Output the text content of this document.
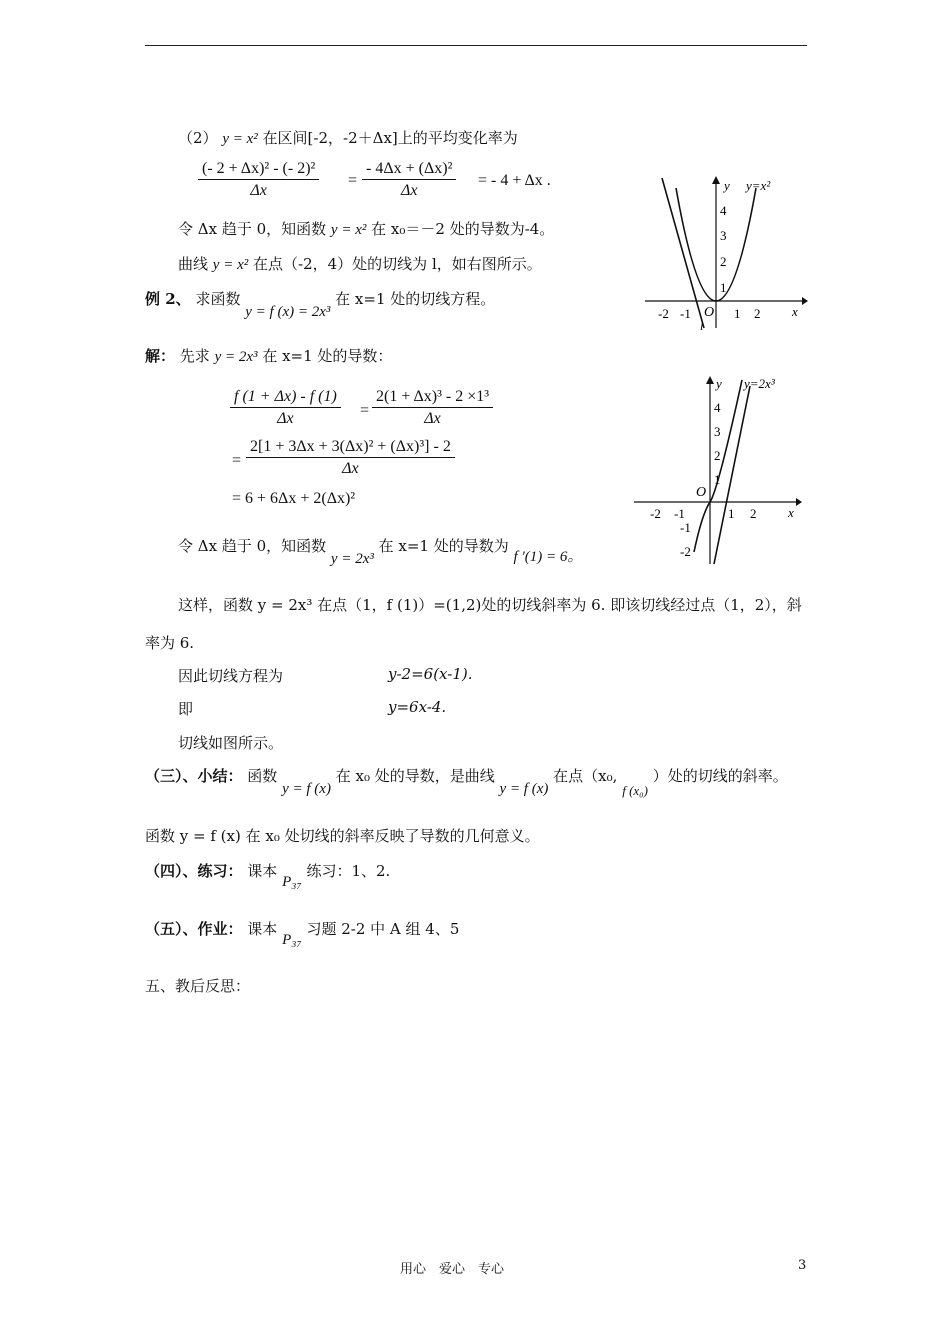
（2） y = x² 在区间[-2，-2＋Δx]上的平均变化率为
$\frac{\text{(- 2 + Δx)² - (- 2)²}}{\Delta x} = \frac{\text{- 4Δx + (Δx)²}}{\Delta x}$ = - 4 + Δx .
令 Δx 趋于 0，知函数 y = x² 在 x₀＝－2 处的导数为-4。
曲线 y = x² 在点（-2，4）处的切线为 l，如右图所示。
例 2、 求函数 y = f (x) = 2x³ 在 x=1 处的切线方程。
解： 先求 y = 2x³ 在 x=1 处的导数：
$\frac{f (1 + \Delta x) - f (1)}{\Delta x} = \frac{\text{2(1 + Δx)³ - 2 ×1³}}{\Delta x}$
= $\frac{\text{2[1 + 3Δx + 3(Δx)² + (Δx)³] - 2}}{\Delta x}$
= 6 + 6Δx + 2(Δx)²
令 Δx 趋于 0，知函数 y = 2x³ 在 x=1 处的导数为 f ′(1) = 6。
这样，函数 y = 2x³ 在点（1，f (1)）=(1,2)处的切线斜率为 6. 即该切线经过点（1，2），斜
率为 6.
因此切线方程为	y-2=6(x-1).
即	y=6x-4.
切线如图所示。
（三）、小结： 函数 y = f (x) 在 x₀ 处的导数，是曲线 y = f (x) 在点（x₀, f (x₀) ）处的切线的斜率。
函数 y = f (x) 在 x₀ 处切线的斜率反映了导数的几何意义。
（四）、练习： 课本 P₃₇ 练习：1、2.
（五）、作业： 课本 P₃₇ 习题 2-2 中 A 组 4、5
五、教后反思：
y y=x²
x
O
l
-2 -1	1 2
1
2
3
4
y y=2x³
x
O
-2 -1	1 2
4
3
2
1
-1
-2
用心　爱心　专心	3
